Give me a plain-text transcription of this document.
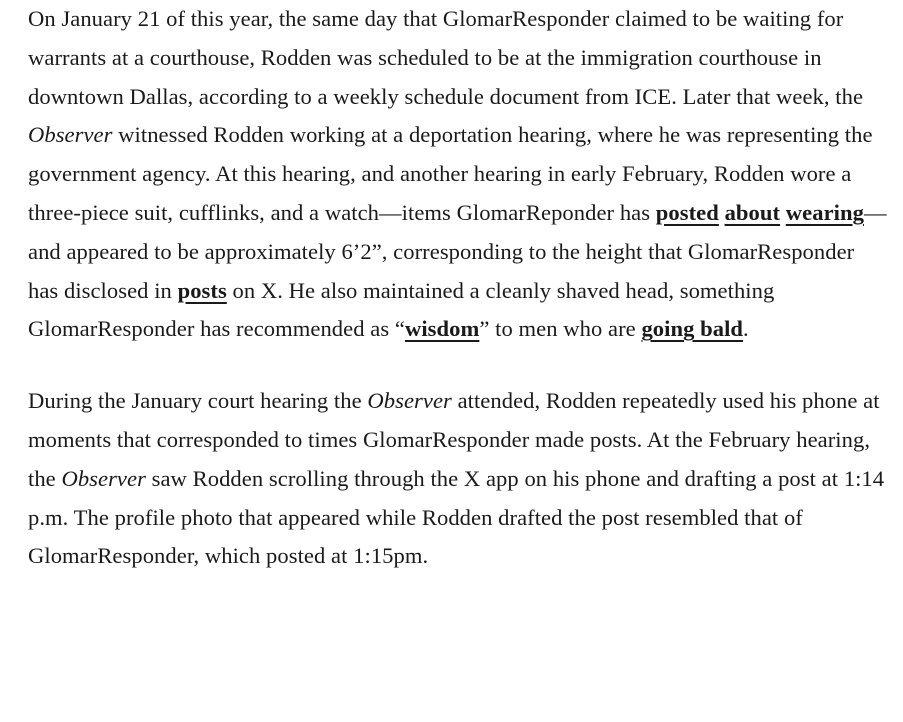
On January 21 of this year, the same day that GlomarResponder claimed to be waiting for warrants at a courthouse, Rodden was scheduled to be at the immigration courthouse in downtown Dallas, according to a weekly schedule document from ICE. Later that week, the Observer witnessed Rodden working at a deportation hearing, where he was representing the government agency. At this hearing, and another hearing in early February, Rodden wore a three-piece suit, cufflinks, and a watch—items GlomarReponder has posted about wearing—and appeared to be approximately 6’2”, corresponding to the height that GlomarResponder has disclosed in posts on X. He also maintained a cleanly shaved head, something GlomarResponder has recommended as “wisdom” to men who are going bald.

During the January court hearing the Observer attended, Rodden repeatedly used his phone at moments that corresponded to times GlomarResponder made posts. At the February hearing, the Observer saw Rodden scrolling through the X app on his phone and drafting a post at 1:14 p.m. The profile photo that appeared while Rodden drafted the post resembled that of GlomarResponder, which posted at 1:15pm.
